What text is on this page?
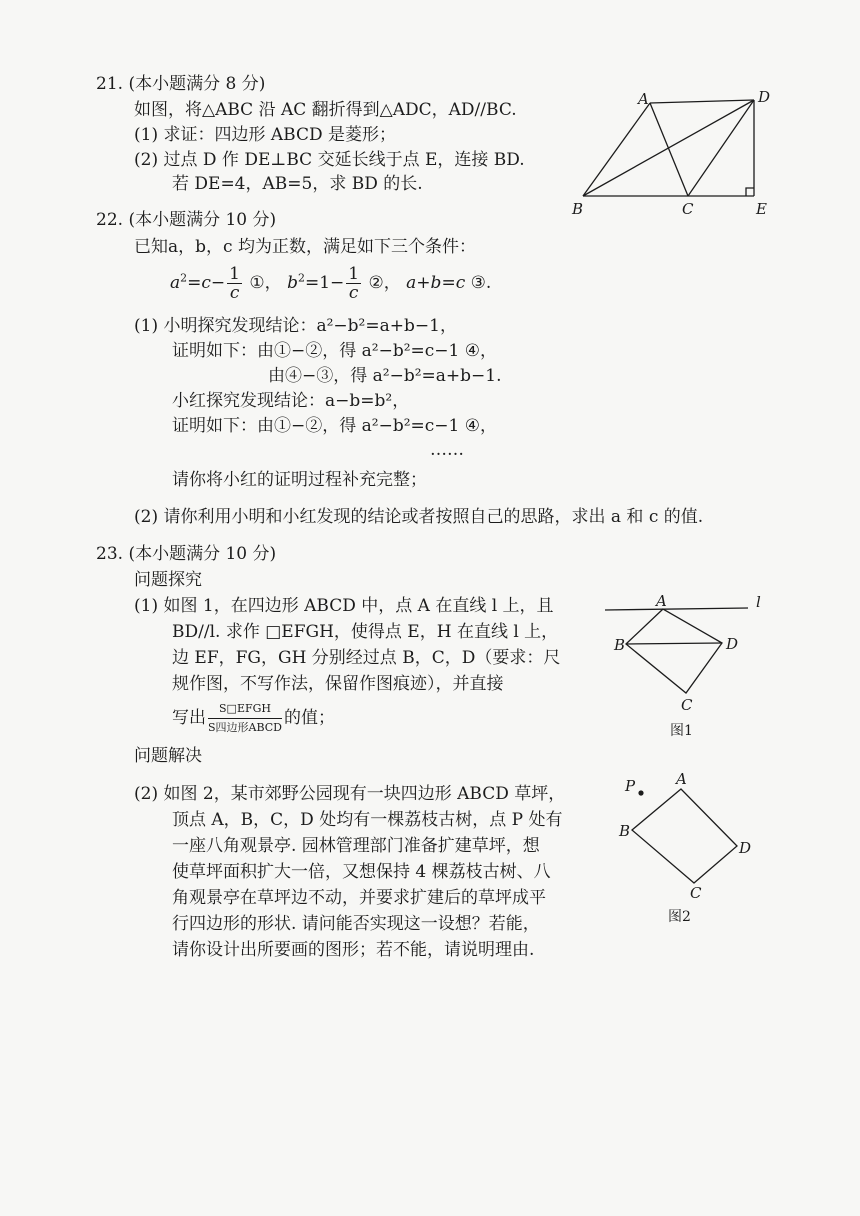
21. (本小题满分 8 分)
如图，将△ABC 沿 AC 翻折得到△ADC，AD//BC.
(1) 求证：四边形 ABCD 是菱形；
(2) 过点 D 作 DE⊥BC 交延长线于点 E，连接 BD.
若 DE=4，AB=5，求 BD 的长.
A	D
B	C	E
22. (本小题满分 10 分)
已知a，b，c 均为正数，满足如下三个条件：
$a^2=c- \frac{1}{c}$ ①， $b^2=1- \frac{1}{c}$ ②， a+b=c ③.
(1) 小明探究发现结论：a²−b²=a+b−1，
证明如下：由①−②，得 a²−b²=c−1 ④，
由④−③，得 a²−b²=a+b−1.
小红探究发现结论：a−b=b²，
证明如下：由①−②，得 a²−b²=c−1 ④，
……
请你将小红的证明过程补充完整；
(2) 请你利用小明和小红发现的结论或者按照自己的思路，求出 a 和 c 的值.
23. (本小题满分 10 分)
问题探究
(1) 如图 1，在四边形 ABCD 中，点 A 在直线 l 上，且
BD//l. 求作 □EFGH，使得点 E，H 在直线 l 上，
边 EF，FG，GH 分别经过点 B，C，D（要求：尺
规作图，不写作法，保留作图痕迹），并直接
写出 $\frac{\text{S□EFGH}}{\text{S四边形ABCD}}$ 的值；
问题解决
(2) 如图 2，某市郊野公园现有一块四边形 ABCD 草坪，
顶点 A，B，C，D 处均有一棵荔枝古树，点 P 处有
一座八角观景亭. 园林管理部门准备扩建草坪，想
使草坪面积扩大一倍，又想保持 4 棵荔枝古树、八
角观景亭在草坪边不动，并要求扩建后的草坪成平
行四边形的形状. 请问能否实现这一设想？若能，
请你设计出所要画的图形；若不能，请说明理由.
l
A
B	D
C
图1
P	A
B
D
C
图2
